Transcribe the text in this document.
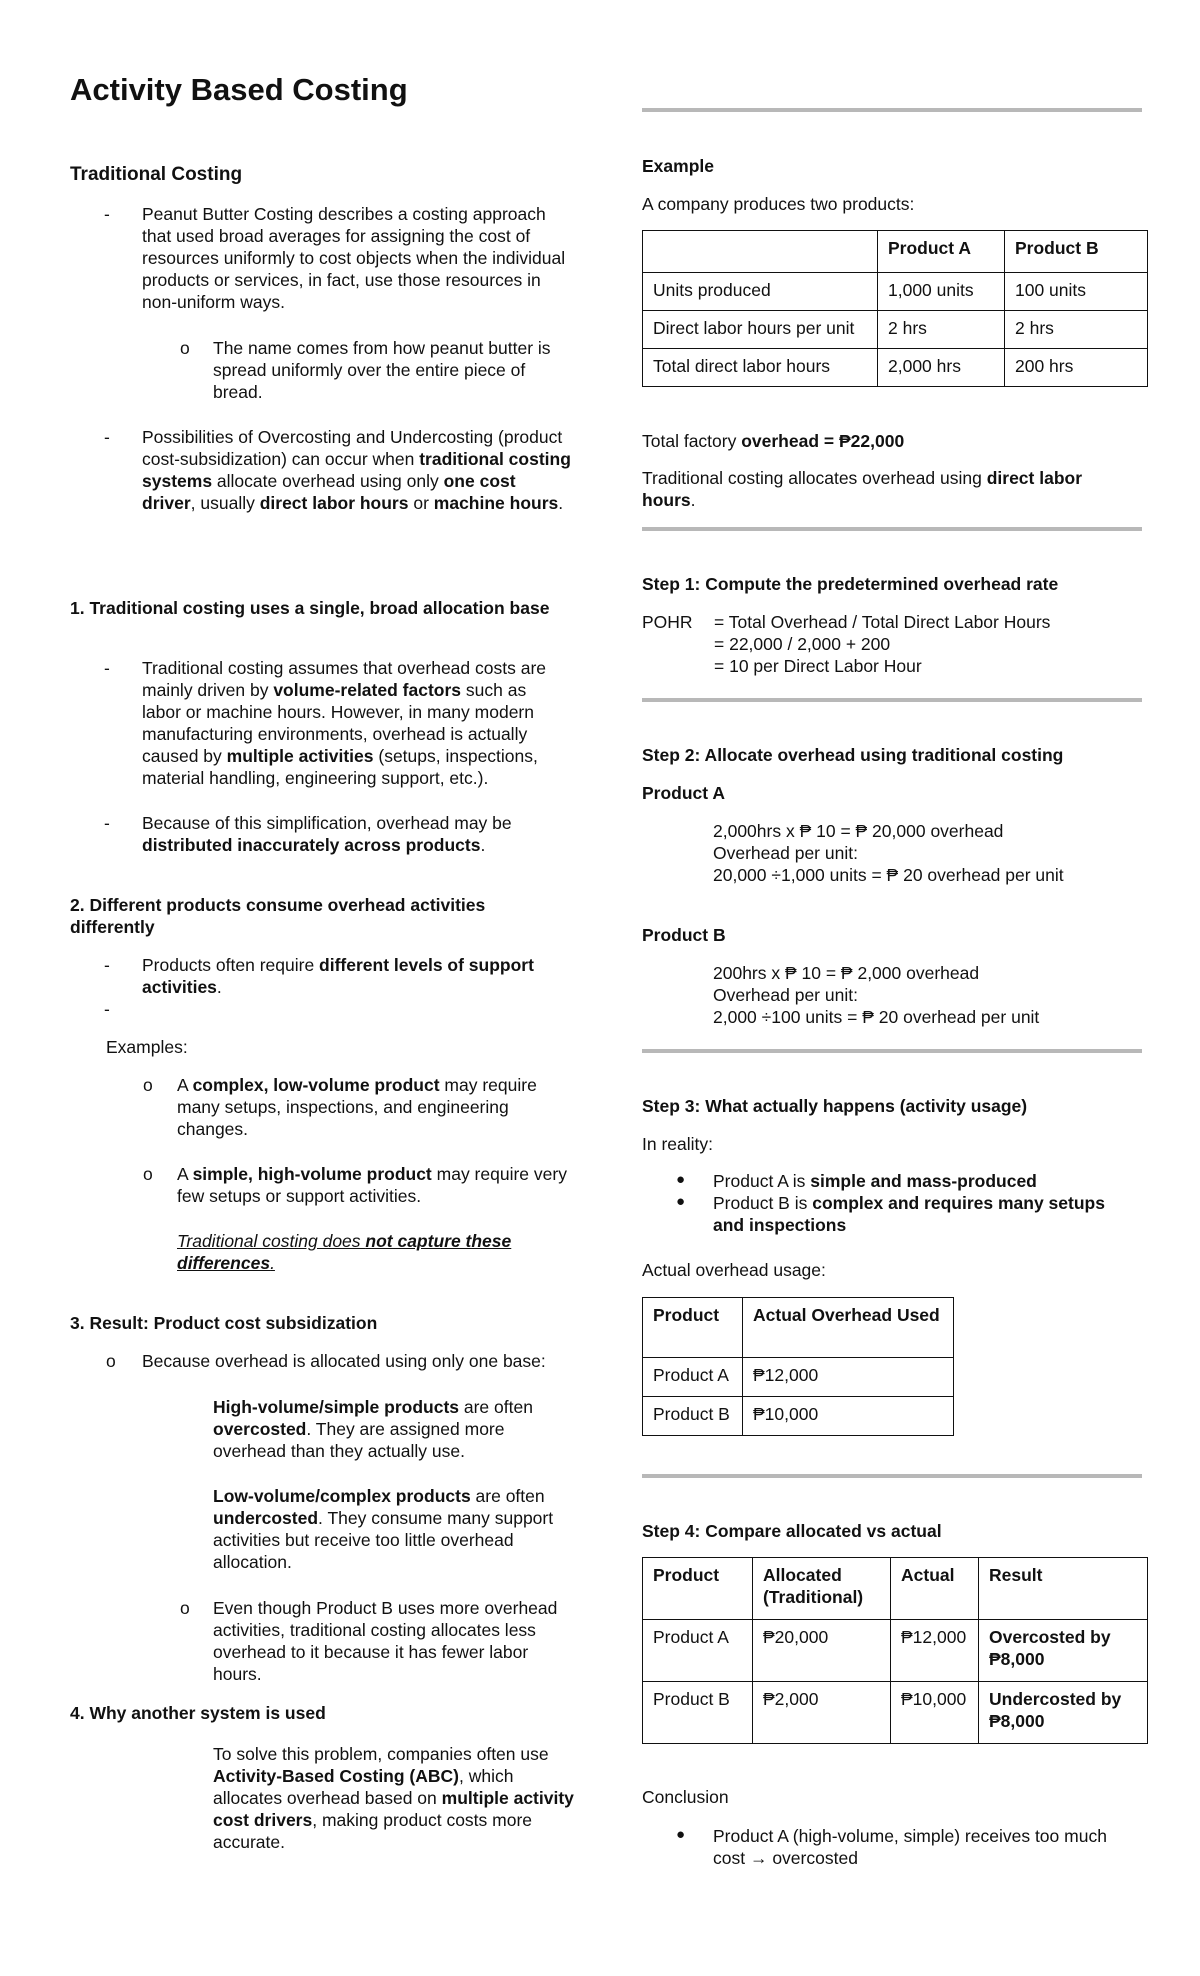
Activity Based Costing
Traditional Costing
-	Peanut Butter Costing describes a costing approach that used broad averages for assigning the cost of resources uniformly to cost objects when the individual products or services, in fact, use those resources in non-uniform ways.

o The name comes from how peanut butter is spread uniformly over the entire piece of bread.

-	Possibilities of Overcosting and Undercosting (product cost-subsidization) can occur when traditional costing systems allocate overhead using only one cost driver, usually direct labor hours or machine hours.

1. Traditional costing uses a single, broad allocation base
-	Traditional costing assumes that overhead costs are mainly driven by volume-related factors such as labor or machine hours. However, in many modern manufacturing environments, overhead is actually caused by multiple activities (setups, inspections, material handling, engineering support, etc.).

-	Because of this simplification, overhead may be distributed inaccurately across products.

2. Different products consume overhead activities differently

-	Products often require different levels of support activities.

-
Examples:
o A complex, low-volume product may require many setups, inspections, and engineering changes.

o A simple, high-volume product may require very few setups or support activities.

Traditional costing does not capture these differences.

3. Result: Product cost subsidization
o Because overhead is allocated using only one base:

High-volume/simple products are often overcosted. They are assigned more overhead than they actually use.

Low-volume/complex products are often undercosted. They consume many support activities but receive too little overhead allocation.

o Even though Product B uses more overhead activities, traditional costing allocates less overhead to it because it has fewer labor hours.

4. Why another system is used

To solve this problem, companies often use Activity-Based Costing (ABC), which allocates overhead based on multiple activity cost drivers, making product costs more accurate.

Example
A company produces two products:
	Product A	Product B
Units produced	1,000 units	100 units
Direct labor hours per unit	2 hrs	2 hrs
Total direct labor hours	2,000 hrs	200 hrs

Total factory overhead = ₱22,000

Traditional costing allocates overhead using direct labor hours.

Step 1: Compute the predetermined overhead rate
POHR = Total Overhead / Total Direct Labor Hours
= 22,000 / 2,000 + 200
= 10 per Direct Labor Hour
Step 2: Allocate overhead using traditional costing
Product A
2,000hrs x ₱ 10 = ₱ 20,000 overhead
Overhead per unit:
20,000 ÷1,000 units = ₱ 20 overhead per unit
Product B
200hrs x ₱ 10 = ₱ 2,000 overhead
Overhead per unit:
2,000 ÷100 units = ₱ 20 overhead per unit
Step 3: What actually happens (activity usage)
In reality:
● Product A is simple and mass-produced

● Product B is complex and requires many setups and inspections

Actual overhead usage:
Product	Actual Overhead Used
Product A	₱12,000
Product B	₱10,000
Step 4: Compare allocated vs actual
Product	Allocated (Traditional)	Actual	Result
Product A	₱20,000	₱12,000	Overcosted by ₱8,000
Product B	₱2,000	₱10,000	Undercosted by ₱8,000
Conclusion
● Product A (high-volume, simple) receives too much cost → overcosted
